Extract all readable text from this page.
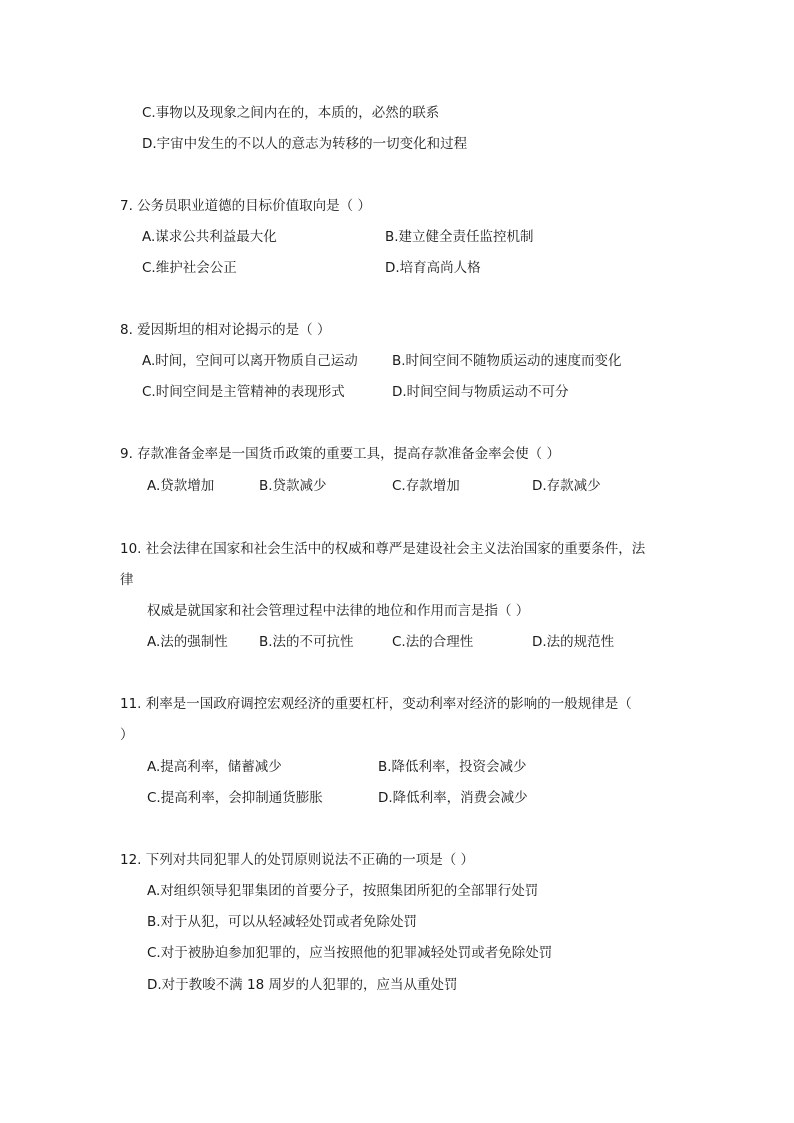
C.事物以及现象之间内在的，本质的，必然的联系
D.宇宙中发生的不以人的意志为转移的一切变化和过程
7. 公务员职业道德的目标价值取向是（ ）
A.谋求公共利益最大化	B.建立健全责任监控机制
C.维护社会公正	D.培育高尚人格
8. 爱因斯坦的相对论揭示的是（ ）
A.时间，空间可以离开物质自己运动	B.时间空间不随物质运动的速度而变化
C.时间空间是主管精神的表现形式	D.时间空间与物质运动不可分
9. 存款准备金率是一国货币政策的重要工具，提高存款准备金率会使（ ）
A.贷款增加	B.贷款减少	C.存款增加	D.存款减少
10. 社会法律在国家和社会生活中的权威和尊严是建设社会主义法治国家的重要条件，法
律
权威是就国家和社会管理过程中法律的地位和作用而言是指（ ）
A.法的强制性 B.法的不可抗性	C.法的合理性	D.法的规范性
11. 利率是一国政府调控宏观经济的重要杠杆，变动利率对经济的影响的一般规律是（
）
A.提高利率，储蓄减少	B.降低利率，投资会减少
C.提高利率，会抑制通货膨胀	D.降低利率，消费会减少
12. 下列对共同犯罪人的处罚原则说法不正确的一项是（ ）
A.对组织领导犯罪集团的首要分子，按照集团所犯的全部罪行处罚
B.对于从犯，可以从轻减轻处罚或者免除处罚
C.对于被胁迫参加犯罪的，应当按照他的犯罪减轻处罚或者免除处罚
D.对于教唆不满 18 周岁的人犯罪的，应当从重处罚
